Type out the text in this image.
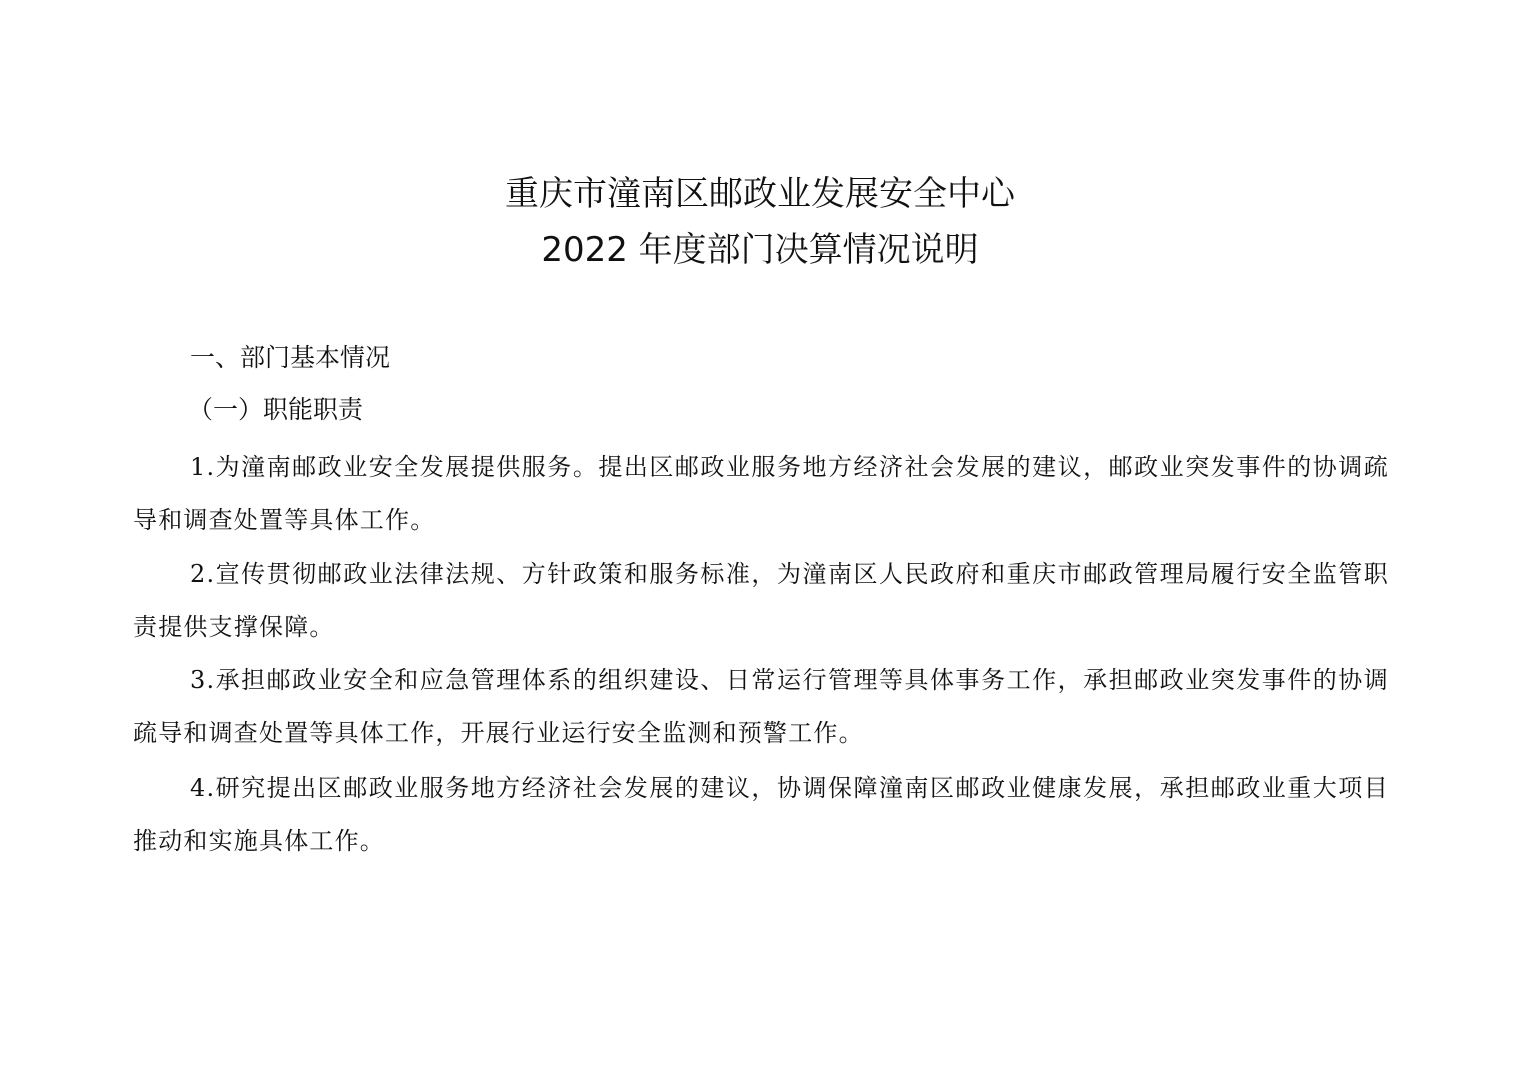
重庆市潼南区邮政业发展安全中心
2022 年度部门决算情况说明
一、部门基本情况
（一）职能职责

1.为潼南邮政业安全发展提供服务。提出区邮政业服务地方经济社会发展的建议，邮政业突发事件的协调疏导和调查处置等具体工作。

2.宣传贯彻邮政业法律法规、方针政策和服务标准，为潼南区人民政府和重庆市邮政管理局履行安全监管职责提供支撑保障。

3.承担邮政业安全和应急管理体系的组织建设、日常运行管理等具体事务工作，承担邮政业突发事件的协调疏导和调查处置等具体工作，开展行业运行安全监测和预警工作。

4.研究提出区邮政业服务地方经济社会发展的建议，协调保障潼南区邮政业健康发展，承担邮政业重大项目推动和实施具体工作。
